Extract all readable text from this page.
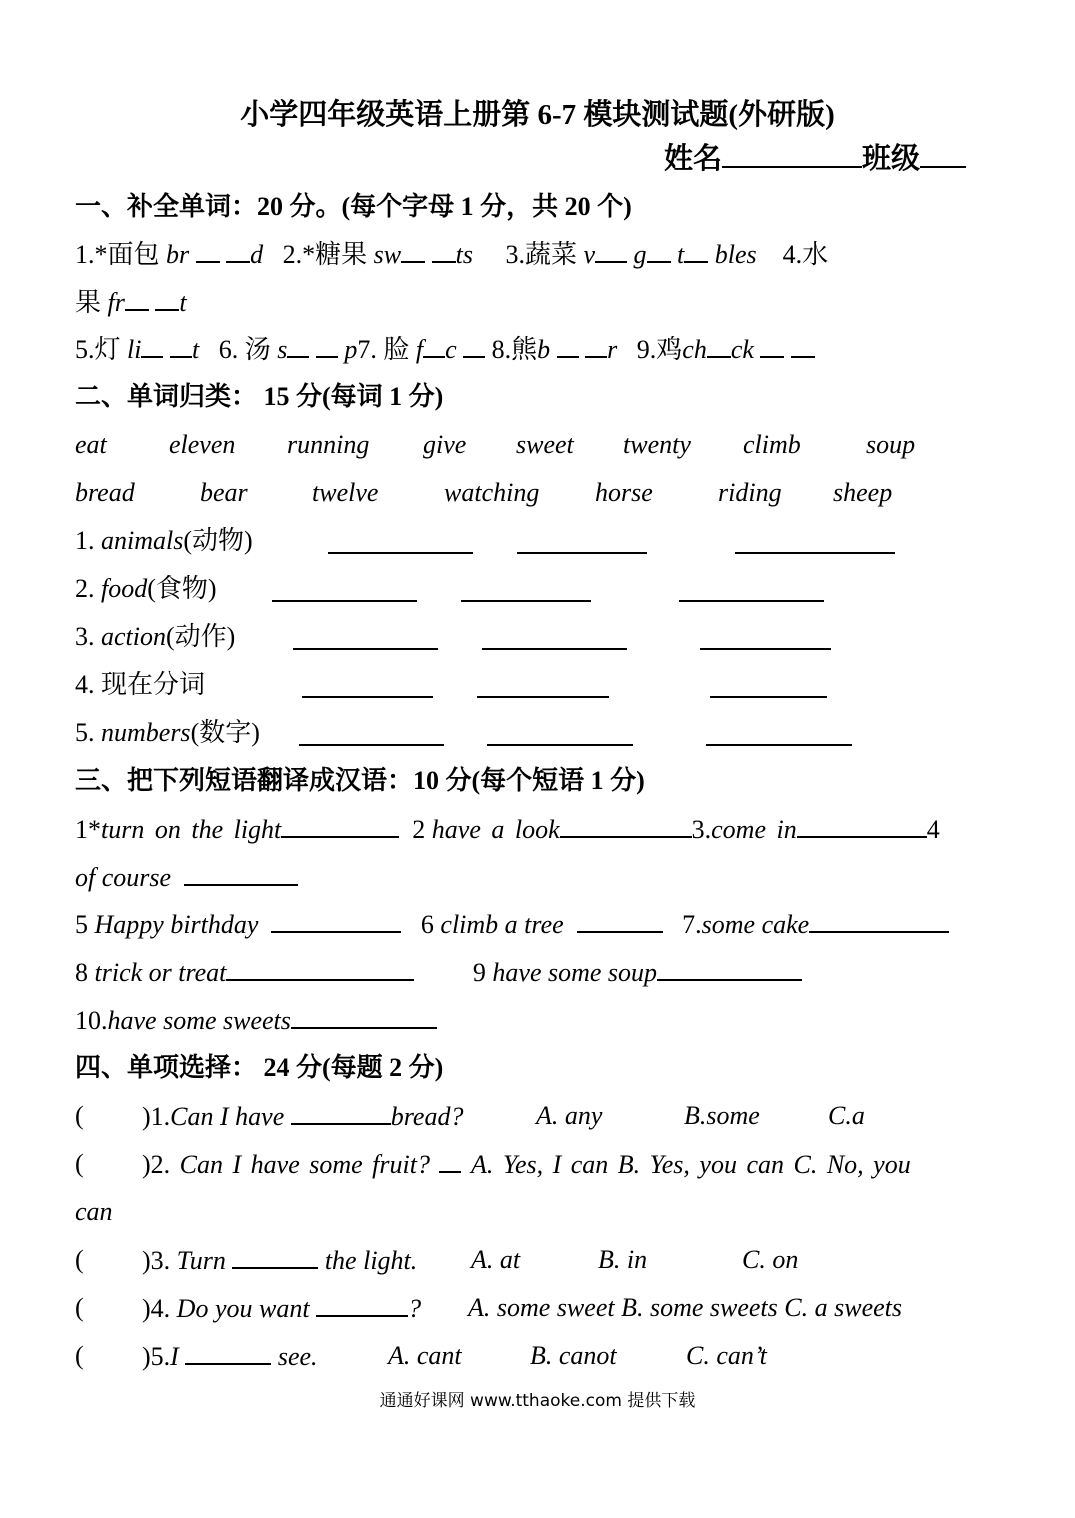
小学四年级英语上册第 6-7 模块测试题(外研版)
姓名	班级
一、补全单词：20 分。(每个字母 1 分，共 20 个)
1.*面包 br d 2.*糖果 sw ts 3.蔬菜 v g t bles 4.水
果 fr t
5.灯 li t 6. 汤 s p7. 脸 f c 8.熊b r 9.鸡ch ck
二、单词归类： 15 分(每词 1 分)
eat eleven running give sweet twenty climb	soup
bread	bear twelve	watching horse	riding sheep
1. animals(动物)
2. food(食物)
3. action(动作)
4. 现在分词
5. numbers(数字)
三、把下列短语翻译成汉语：10 分(每个短语 1 分)
1*turn on the light	2 have a look	3.come in	4
of course
5 Happy birthday	6 climb a tree	7.some cake
8 trick or treat	9 have some soup
10.have some sweets
四、单项选择： 24 分(每题 2 分)
( )1.Can I have	bread?	A. any	B.some	C.a
( )2. Can I have some fruit?  A. Yes, I can B. Yes, you can C. No, you
can
( )3. Turn	the light. A. at	B. in	C. on
( )4. Do you want	? A. some sweet B. some sweets C. a sweets
( )5.I	see.	A. cant	B. canot	C. can’t
通通好课网 www.tthaoke.com 提供下载
